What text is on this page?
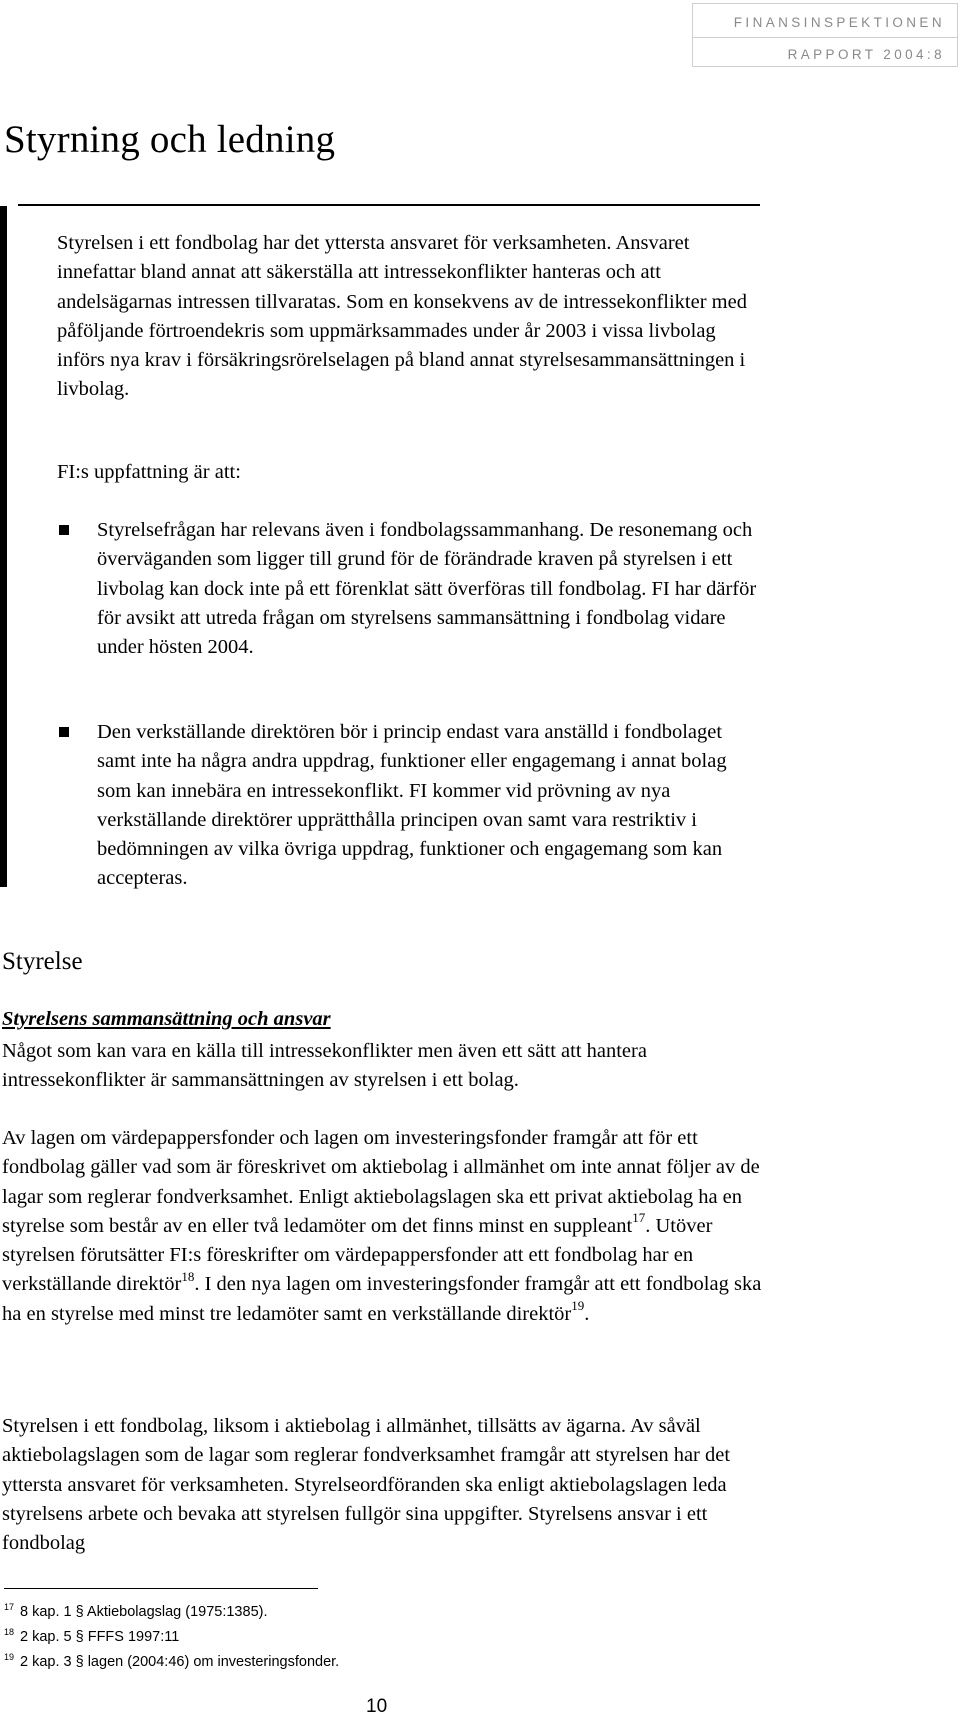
FINANSINSPEKTIONEN
RAPPORT 2004:8
Styrning och ledning

Styrelsen i ett fondbolag har det yttersta ansvaret för verksamheten. Ansvaret innefattar bland annat att säkerställa att intressekonflikter hanteras och att andelsägarnas intressen tillvaratas. Som en konsekvens av de intressekonflikter med påföljande förtroendekris som uppmärksammades under år 2003 i vissa livbolag införs nya krav i försäkringsrörelselagen på bland annat styrelsesammansättningen i livbolag.

FI:s uppfattning är att:

Styrelsefrågan har relevans även i fondbolagssammanhang. De resonemang och överväganden som ligger till grund för de förändrade kraven på styrelsen i ett livbolag kan dock inte på ett förenklat sätt överföras till fondbolag. FI har därför för avsikt att utreda frågan om styrelsens sammansättning i fondbolag vidare under hösten 2004.

Den verkställande direktören bör i princip endast vara anställd i fondbolaget samt inte ha några andra uppdrag, funktioner eller engagemang i annat bolag som kan innebära en intressekonflikt. FI kommer vid prövning av nya verkställande direktörer upprätthålla principen ovan samt vara restriktiv i bedömningen av vilka övriga uppdrag, funktioner och engagemang som kan accepteras.

Styrelse
Styrelsens sammansättning och ansvar

Något som kan vara en källa till intressekonflikter men även ett sätt att hantera intressekonflikter är sammansättningen av styrelsen i ett bolag.

Av lagen om värdepappersfonder och lagen om investeringsfonder framgår att för ett fondbolag gäller vad som är föreskrivet om aktiebolag i allmänhet om inte annat följer av de lagar som reglerar fondverksamhet. Enligt aktiebolagslagen ska ett privat aktiebolag ha en styrelse som består av en eller två ledamöter om det finns minst en suppleant$^{17}$. Utöver styrelsen förutsätter FI:s föreskrifter om värdepappersfonder att ett fondbolag har en verkställande direktör$^{18}$. I den nya lagen om investeringsfonder framgår att ett fondbolag ska ha en styrelse med minst tre ledamöter samt en verkställande direktör$^{19}$.

Styrelsen i ett fondbolag, liksom i aktiebolag i allmänhet, tillsätts av ägarna. Av såväl aktiebolagslagen som de lagar som reglerar fondverksamhet framgår att styrelsen har det yttersta ansvaret för verksamheten. Styrelseordföranden ska enligt aktiebolagslagen leda styrelsens arbete och bevaka att styrelsen fullgör sina uppgifter. Styrelsens ansvar i ett fondbolag

17 8 kap. 1 § Aktiebolagslag (1975:1385).
18 2 kap. 5 § FFFS 1997:11
19 2 kap. 3 § lagen (2004:46) om investeringsfonder.
10
